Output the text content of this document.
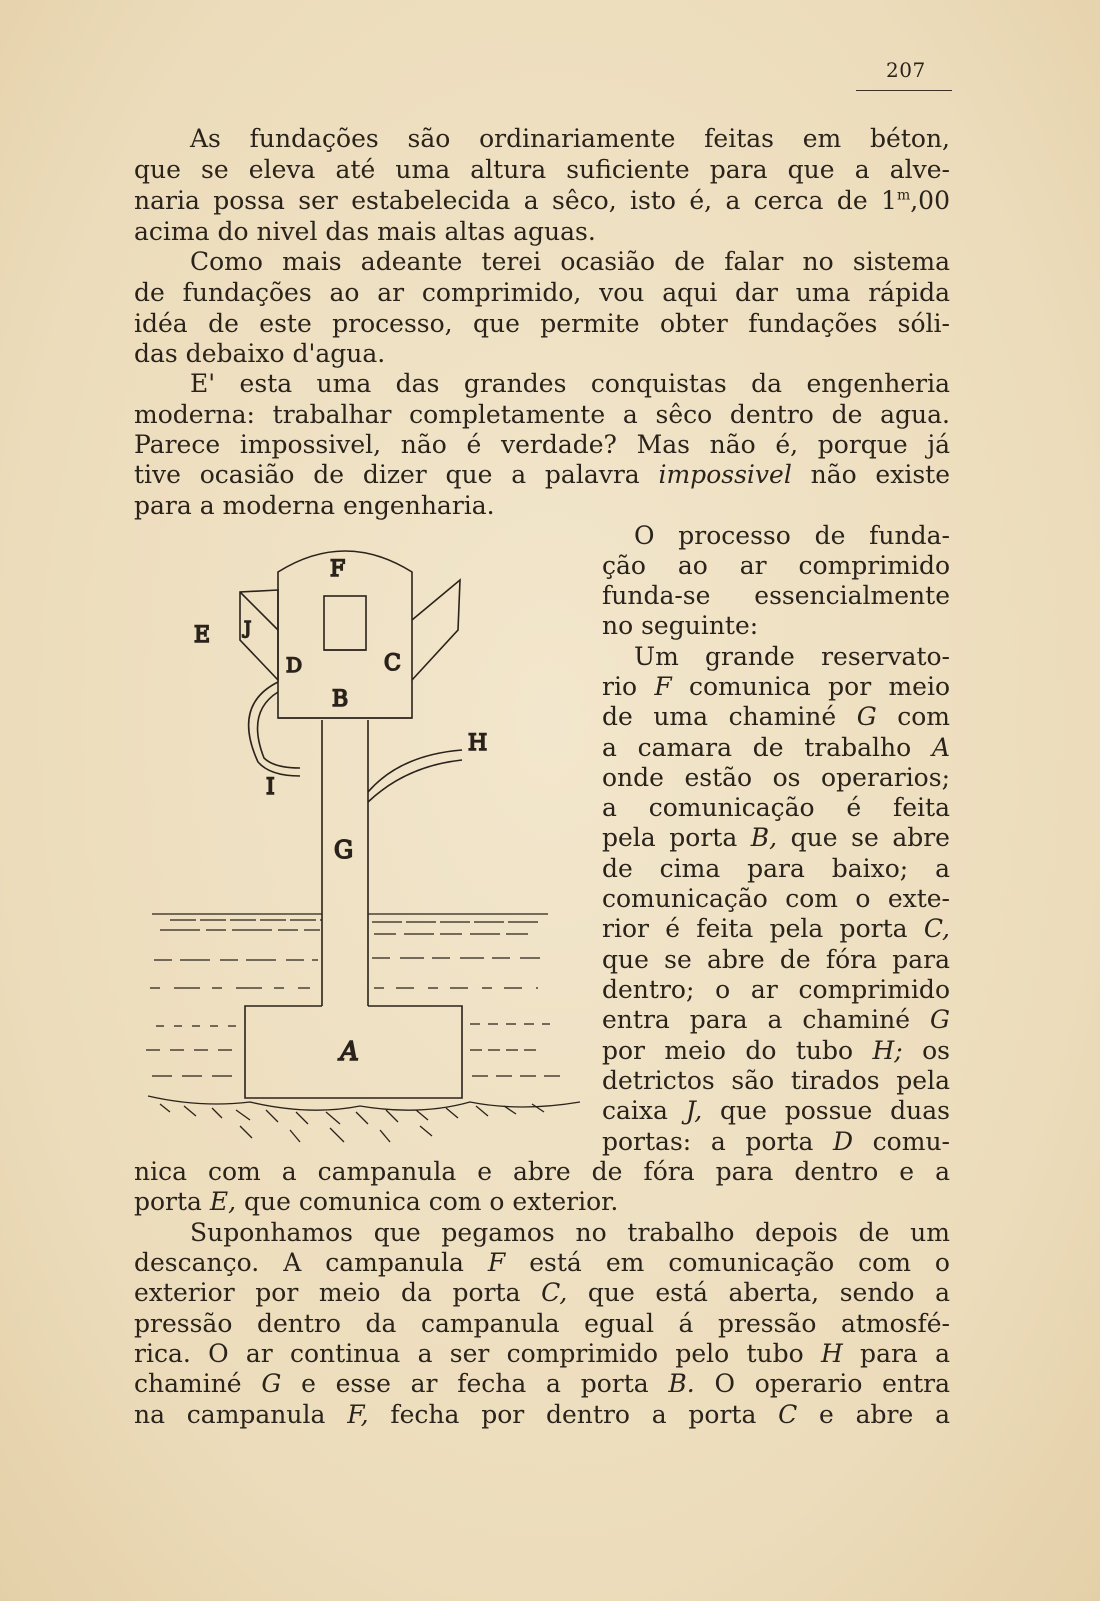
207
As fundações são ordinariamente feitas em béton,
que se eleva até uma altura suficiente para que a alve-
naria possa ser estabelecida a sêco, isto é, a cerca de 1$^m$,00
acima do nivel das mais altas aguas.
Como mais adeante terei ocasião de falar no sistema
de fundações ao ar comprimido, vou aqui dar uma rápida
idéa de este processo, que permite obter fundações sóli-
das debaixo d'agua.
E' esta uma das grandes conquistas da engenheria
moderna: trabalhar completamente a sêco dentro de agua.
Parece impossivel, não é verdade? Mas não é, porque já
tive ocasião de dizer que a palavra impossivel não existe
para a moderna engenharia.
O processo de funda-
ção ao ar comprimido
funda-se essencialmente
no seguinte:
Um grande reservato-
rio F comunica por meio
de uma chaminé G com
a camara de trabalho A
onde estão os operarios;
a comunicação é feita
pela porta B, que se abre
de cima para baixo; a
comunicação com o exte-
rior é feita pela porta C,
que se abre de fóra para
dentro; o ar comprimido
entra para a chaminé G
por meio do tubo H; os
detrictos são tirados pela
caixa J, que possue duas
portas: a porta D comu-
nica com a campanula e abre de fóra para dentro e a
porta E, que comunica com o exterior.
Suponhamos que pegamos no trabalho depois de um
descanço. A campanula F está em comunicação com o
exterior por meio da porta C, que está aberta, sendo a
pressão dentro da campanula egual á pressão atmosfé-
rica. O ar continua a ser comprimido pelo tubo H para a
chaminé G e esse ar fecha a porta B. O operario entra
na campanula F, fecha por dentro a porta C e abre a
F
J
E
D	C
B
H
I
G
A
